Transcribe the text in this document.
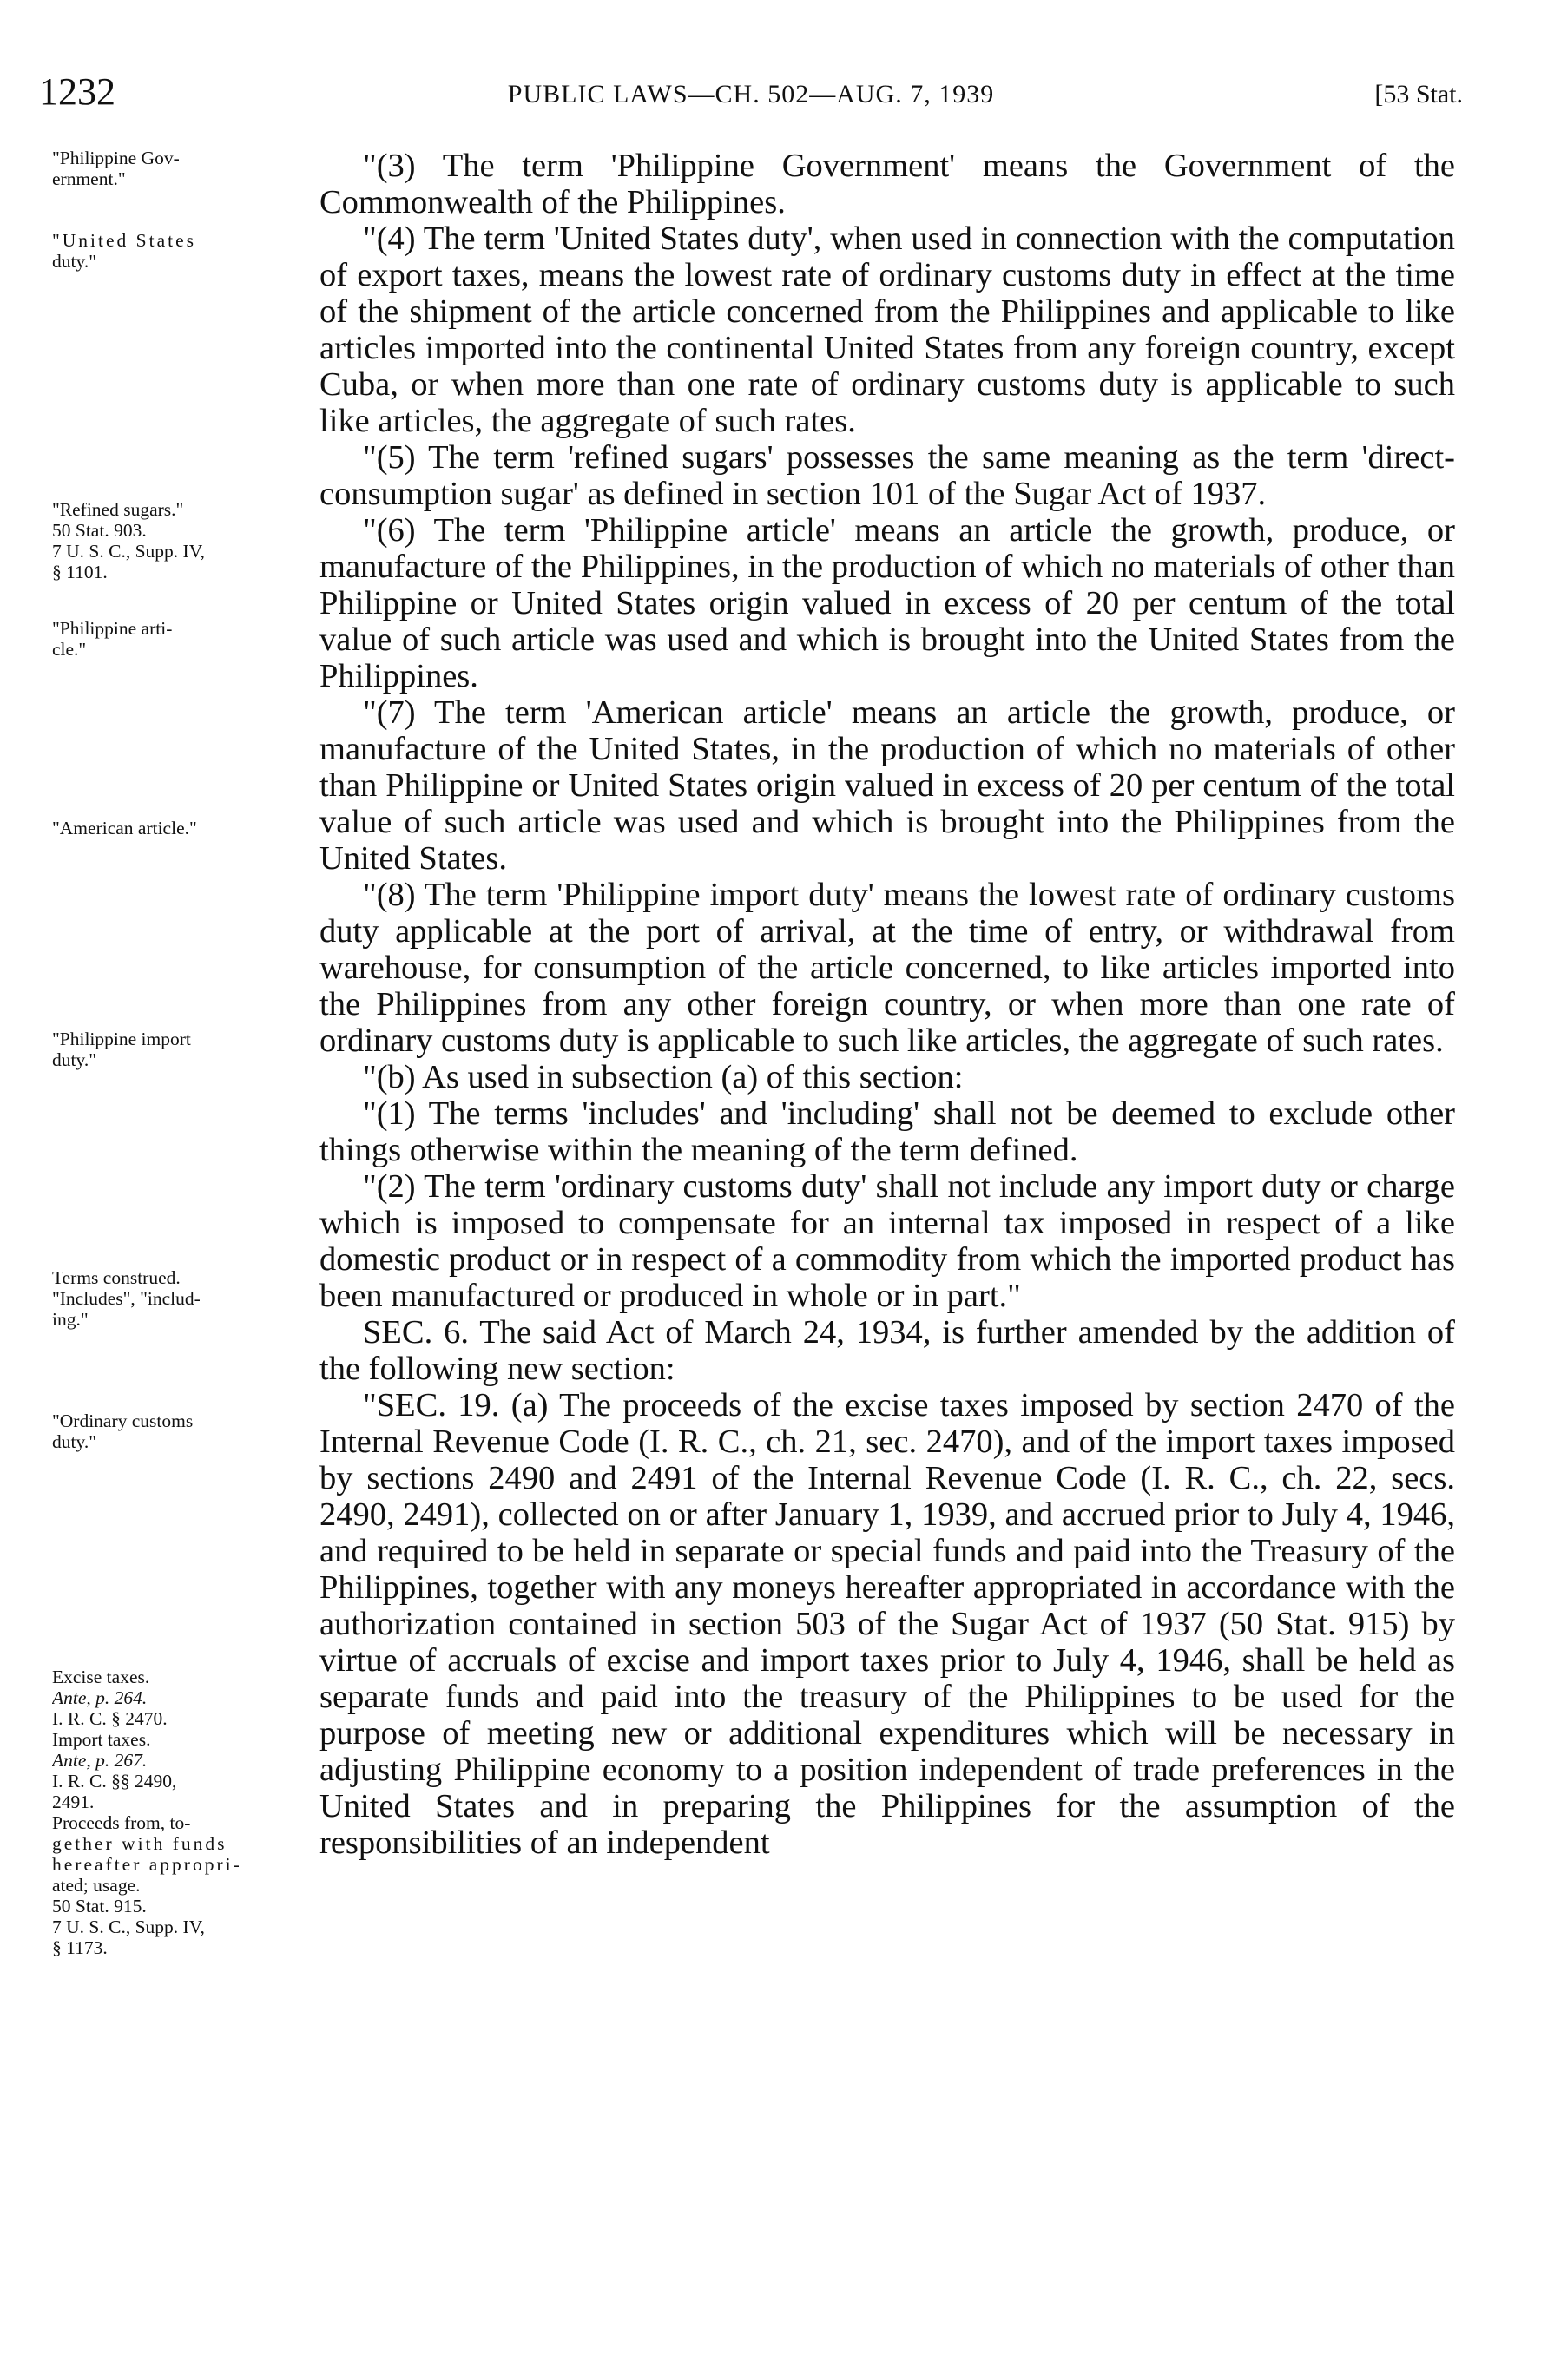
1232	PUBLIC LAWS—CH. 502—AUG. 7, 1939	[53 Stat.
"Philippine Gov-
ernment."
"United States
duty."
"Refined sugars."
50 Stat. 903.
7 U. S. C., Supp. IV,
§ 1101.
"Philippine arti-
cle."
"American article."
"Philippine import
duty."
Terms construed.
"Includes", "includ-
ing."
"Ordinary customs
duty."
Excise taxes.
Ante, p. 264.
I. R. C. § 2470.
Import taxes.
Ante, p. 267.
I. R. C. §§ 2490,
2491.
Proceeds from, to-
gether with funds
hereafter appropri-
ated; usage.
50 Stat. 915.
7 U. S. C., Supp. IV,
§ 1173.

"(3) The term 'Philippine Government' means the Government of the Commonwealth of the Philippines.

"(4) The term 'United States duty', when used in connection with the computation of export taxes, means the lowest rate of ordinary customs duty in effect at the time of the shipment of the article concerned from the Philippines and applicable to like articles imported into the continental United States from any foreign country, except Cuba, or when more than one rate of ordinary customs duty is applicable to such like articles, the aggregate of such rates.

"(5) The term 'refined sugars' possesses the same meaning as the term 'direct-consumption sugar' as defined in section 101 of the Sugar Act of 1937.

"(6) The term 'Philippine article' means an article the growth, produce, or manufacture of the Philippines, in the production of which no materials of other than Philippine or United States origin valued in excess of 20 per centum of the total value of such article was used and which is brought into the United States from the Philippines.

"(7) The term 'American article' means an article the growth, produce, or manufacture of the United States, in the production of which no materials of other than Philippine or United States origin valued in excess of 20 per centum of the total value of such article was used and which is brought into the Philippines from the United States.

"(8) The term 'Philippine import duty' means the lowest rate of ordinary customs duty applicable at the port of arrival, at the time of entry, or withdrawal from warehouse, for consumption of the article concerned, to like articles imported into the Philippines from any other foreign country, or when more than one rate of ordinary customs duty is applicable to such like articles, the aggregate of such rates.

"(b) As used in subsection (a) of this section:

"(1) The terms 'includes' and 'including' shall not be deemed to exclude other things otherwise within the meaning of the term defined.

"(2) The term 'ordinary customs duty' shall not include any import duty or charge which is imposed to compensate for an internal tax imposed in respect of a like domestic product or in respect of a commodity from which the imported product has been manufactured or produced in whole or in part."

SEC. 6. The said Act of March 24, 1934, is further amended by the addition of the following new section:

"SEC. 19. (a) The proceeds of the excise taxes imposed by section 2470 of the Internal Revenue Code (I. R. C., ch. 21, sec. 2470), and of the import taxes imposed by sections 2490 and 2491 of the Internal Revenue Code (I. R. C., ch. 22, secs. 2490, 2491), collected on or after January 1, 1939, and accrued prior to July 4, 1946, and required to be held in separate or special funds and paid into the Treasury of the Philippines, together with any moneys hereafter appropriated in accordance with the authorization contained in section 503 of the Sugar Act of 1937 (50 Stat. 915) by virtue of accruals of excise and import taxes prior to July 4, 1946, shall be held as separate funds and paid into the treasury of the Philippines to be used for the purpose of meeting new or additional expenditures which will be necessary in adjusting Philippine economy to a position independent of trade preferences in the United States and in preparing the Philippines for the assumption of the responsibilities of an independent
